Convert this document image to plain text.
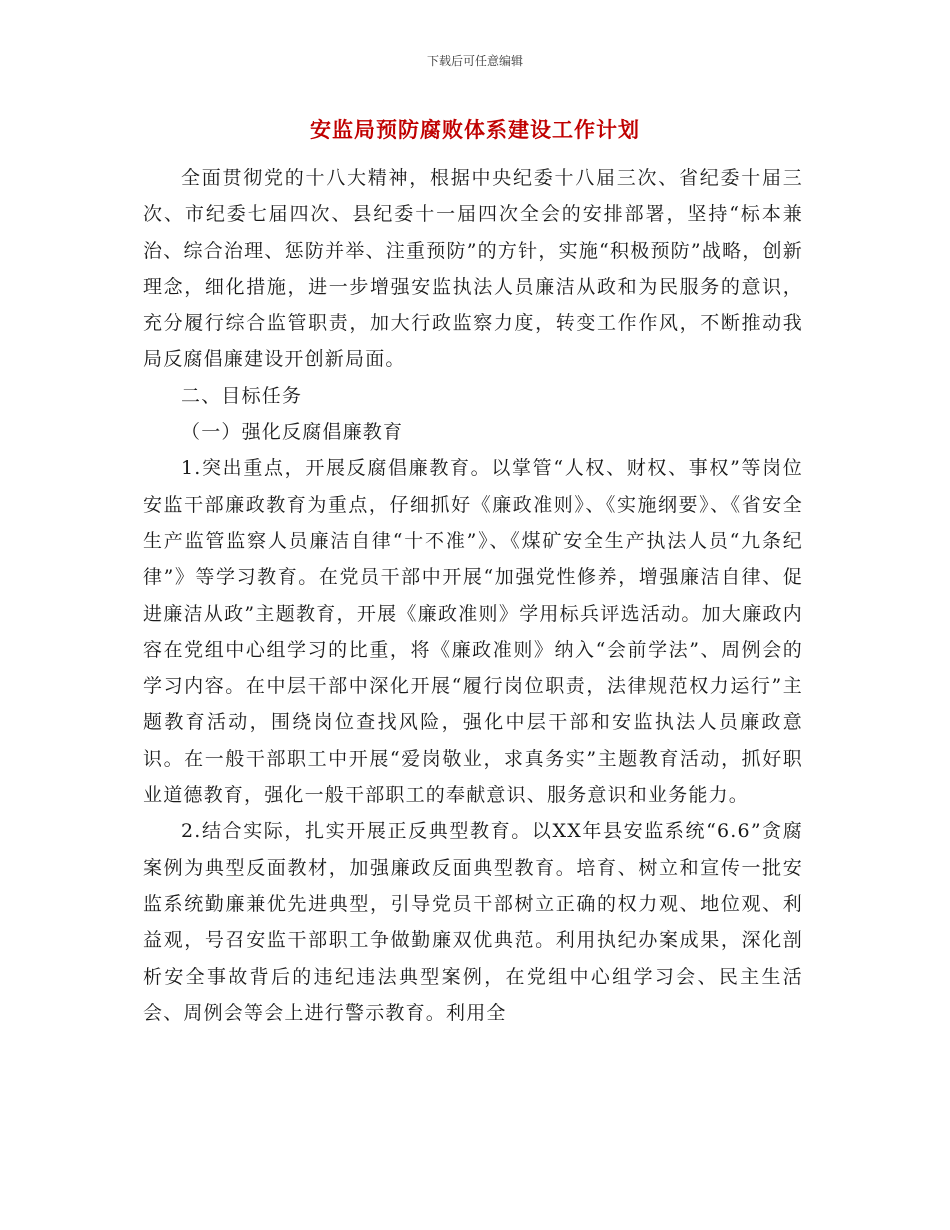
下载后可任意编辑
安监局预防腐败体系建设工作计划

全面贯彻党的十八大精神，根据中央纪委十八届三次、省纪委十届三次、市纪委七届四次、县纪委十一届四次全会的安排部署，坚持“标本兼治、综合治理、惩防并举、注重预防”的方针，实施“积极预防”战略，创新理念，细化措施，进一步增强安监执法人员廉洁从政和为民服务的意识，充分履行综合监管职责，加大行政监察力度，转变工作作风，不断推动我局反腐倡廉建设开创新局面。

二、目标任务

（一）强化反腐倡廉教育

1.突出重点，开展反腐倡廉教育。以掌管“人权、财权、事权”等岗位安监干部廉政教育为重点，仔细抓好《廉政准则》、《实施纲要》、《省安全生产监管监察人员廉洁自律“十不准”》、《煤矿安全生产执法人员“九条纪律”》等学习教育。在党员干部中开展“加强党性修养，增强廉洁自律、促进廉洁从政”主题教育，开展《廉政准则》学用标兵评选活动。加大廉政内容在党组中心组学习的比重，将《廉政准则》纳入“会前学法”、周例会的学习内容。在中层干部中深化开展“履行岗位职责，法律规范权力运行”主题教育活动，围绕岗位查找风险，强化中层干部和安监执法人员廉政意识。在一般干部职工中开展“爱岗敬业，求真务实”主题教育活动，抓好职业道德教育，强化一般干部职工的奉献意识、服务意识和业务能力。

2.结合实际，扎实开展正反典型教育。以XX年县安监系统“6.6”贪腐案例为典型反面教材，加强廉政反面典型教育。培育、树立和宣传一批安监系统勤廉兼优先进典型，引导党员干部树立正确的权力观、地位观、利益观，号召安监干部职工争做勤廉双优典范。利用执纪办案成果，深化剖析安全事故背后的违纪违法典型案例，在党组中心组学习会、民主生活会、周例会等会上进行警示教育。利用全
